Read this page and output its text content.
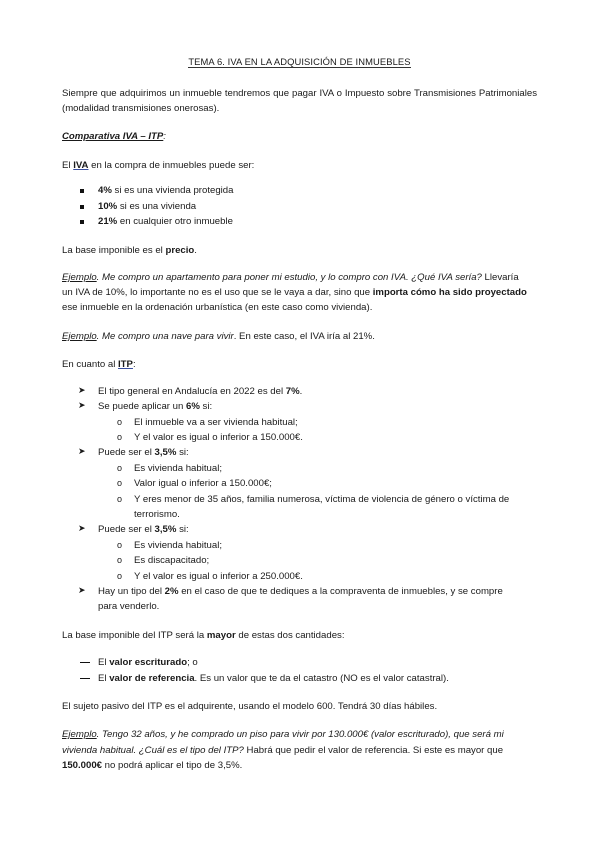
TEMA 6. IVA EN LA ADQUISICIÓN DE INMUEBLES
Siempre que adquirimos un inmueble tendremos que pagar IVA o Impuesto sobre Transmisiones Patrimoniales (modalidad transmisiones onerosas).
Comparativa IVA – ITP:
El IVA en la compra de inmuebles puede ser:
4% si es una vivienda protegida
10% si es una vivienda
21% en cualquier otro inmueble
La base imponible es el precio.
Ejemplo. Me compro un apartamento para poner mi estudio, y lo compro con IVA. ¿Qué IVA sería? Llevaría
un IVA de 10%, lo importante no es el uso que se le vaya a dar, sino que importa cómo ha sido proyectado
ese inmueble en la ordenación urbanística (en este caso como vivienda).
Ejemplo. Me compro una nave para vivir. En este caso, el IVA iría al 21%.
En cuanto al ITP:
➤ El tipo general en Andalucía en 2022 es del 7%.
➤ Se puede aplicar un 6% si:
o El inmueble va a ser vivienda habitual;
o Y el valor es igual o inferior a 150.000€.
➤ Puede ser el 3,5% si:
o Es vivienda habitual;
o Valor igual o inferior a 150.000€;
o Y eres menor de 35 años, familia numerosa, víctima de violencia de género o víctima de
terrorismo.
➤ Puede ser el 3,5% si:
o Es vivienda habitual;
o Es discapacitado;
o Y el valor es igual o inferior a 250.000€.
➤ Hay un tipo del 2% en el caso de que te dediques a la compraventa de inmuebles, y se compre
para venderlo.
La base imponible del ITP será la mayor de estas dos cantidades:
El valor escriturado; o
El valor de referencia. Es un valor que te da el catastro (NO es el valor catastral).
El sujeto pasivo del ITP es el adquirente, usando el modelo 600. Tendrá 30 días hábiles.
Ejemplo. Tengo 32 años, y he comprado un piso para vivir por 130.000€ (valor escriturado), que será mi
vivienda habitual. ¿Cuál es el tipo del ITP? Habrá que pedir el valor de referencia. Si este es mayor que
150.000€ no podrá aplicar el tipo de 3,5%.
